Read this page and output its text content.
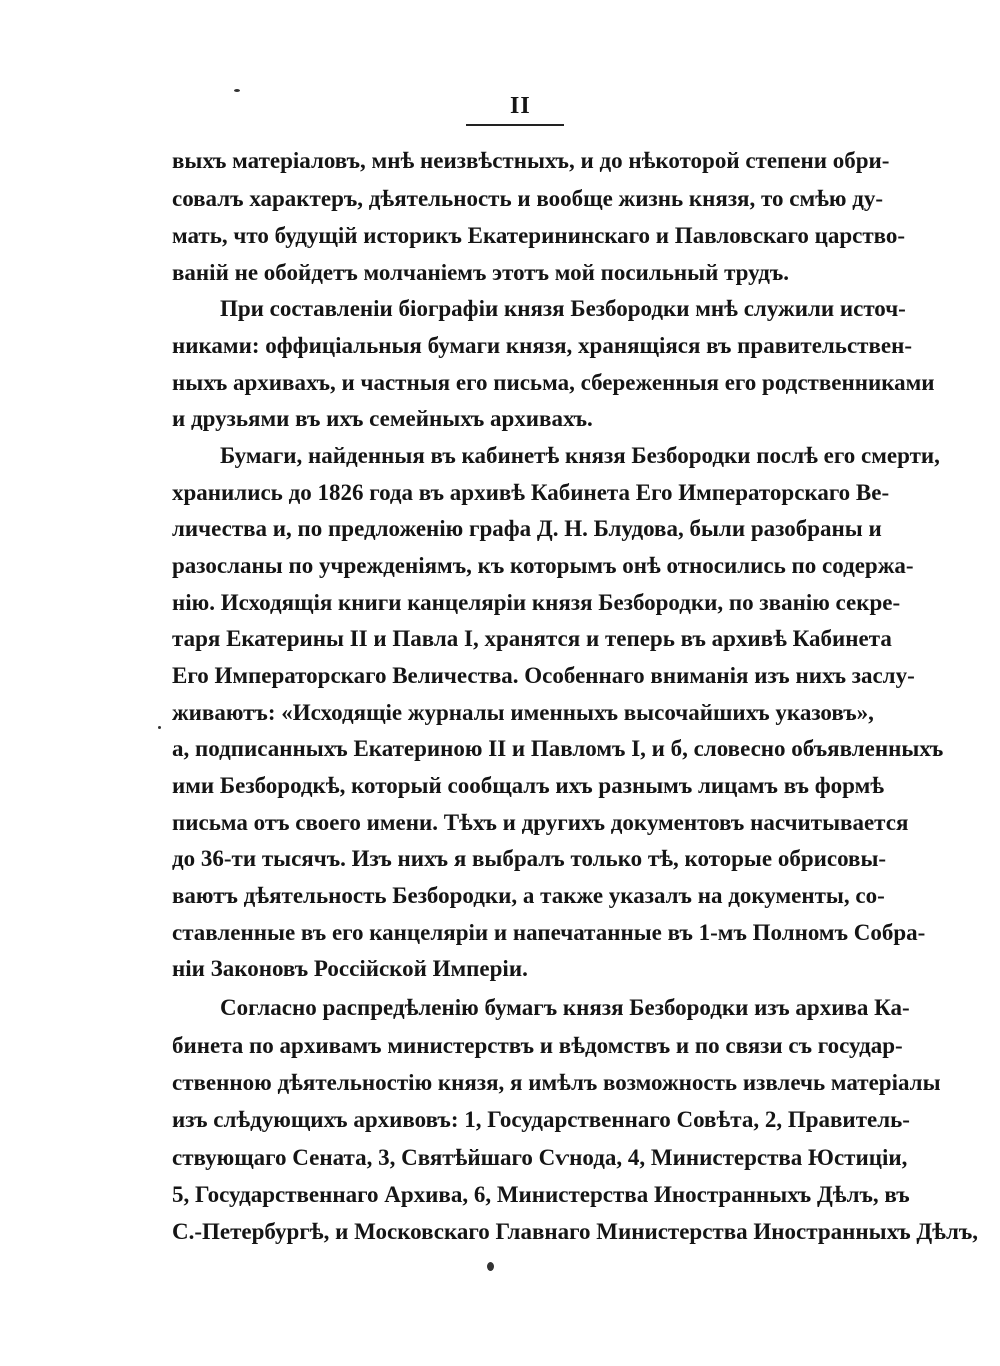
II
выхъ матеріаловъ, мнѣ неизвѣстныхъ, и до нѣкоторой степени обри-
совалъ характеръ, дѣятельность и вообще жизнь князя, то смѣю ду-
мать, что будущій историкъ Екатерининскаго и Павловскаго царство-
ваній не обойдетъ молчаніемъ этотъ мой посильный трудъ.
При составленіи біографіи князя Безбородки мнѣ служили источ-
никами: оффиціальныя бумаги князя, хранящіяся въ правительствен-
ныхъ архивахъ, и частныя его письма, сбереженныя его родственниками
и друзьями въ ихъ семейныхъ архивахъ.
Бумаги, найденныя въ кабинетѣ князя Безбородки послѣ его смерти,
хранились до 1826 года въ архивѣ Кабинета Его Императорскаго Ве-
личества и, по предложенію графа Д. Н. Блудова, были разобраны и
разосланы по учрежденіямъ, къ которымъ онѣ относились по содержа-
нію. Исходящія книги канцеляріи князя Безбородки, по званію секре-
таря Екатерины II и Павла I, хранятся и теперь въ архивѣ Кабинета
Его Императорскаго Величества. Особеннаго вниманія изъ нихъ заслу-
живаютъ: «Исходящіе журналы именныхъ высочайшихъ указовъ»,
а, подписанныхъ Екатериною II и Павломъ I, и б, словесно объявленныхъ
ими Безбородкѣ, который сообщалъ ихъ разнымъ лицамъ въ формѣ
письма отъ своего имени. Тѣхъ и другихъ документовъ насчитывается
до 36-ти тысячъ. Изъ нихъ я выбралъ только тѣ, которые обрисовы-
ваютъ дѣятельность Безбородки, а также указалъ на документы, со-
ставленные въ его канцеляріи и напечатанные въ 1-мъ Полномъ Собра-
ніи Законовъ Россійской Имперіи.
Согласно распредѣленію бумагъ князя Безбородки изъ архива Ка-
бинета по архивамъ министерствъ и вѣдомствъ и по связи съ государ-
ственною дѣятельностію князя, я имѣлъ возможность извлечь матеріалы
изъ слѣдующихъ архивовъ: 1, Государственнаго Совѣта, 2, Правитель-
ствующаго Сената, 3, Святѣйшаго Сѵнода, 4, Министерства Юстиціи,
5, Государственнаго Архива, 6, Министерства Иностранныхъ Дѣлъ, въ
С.-Петербургѣ, и Московскаго Главнаго Министерства Иностранныхъ Дѣлъ,
